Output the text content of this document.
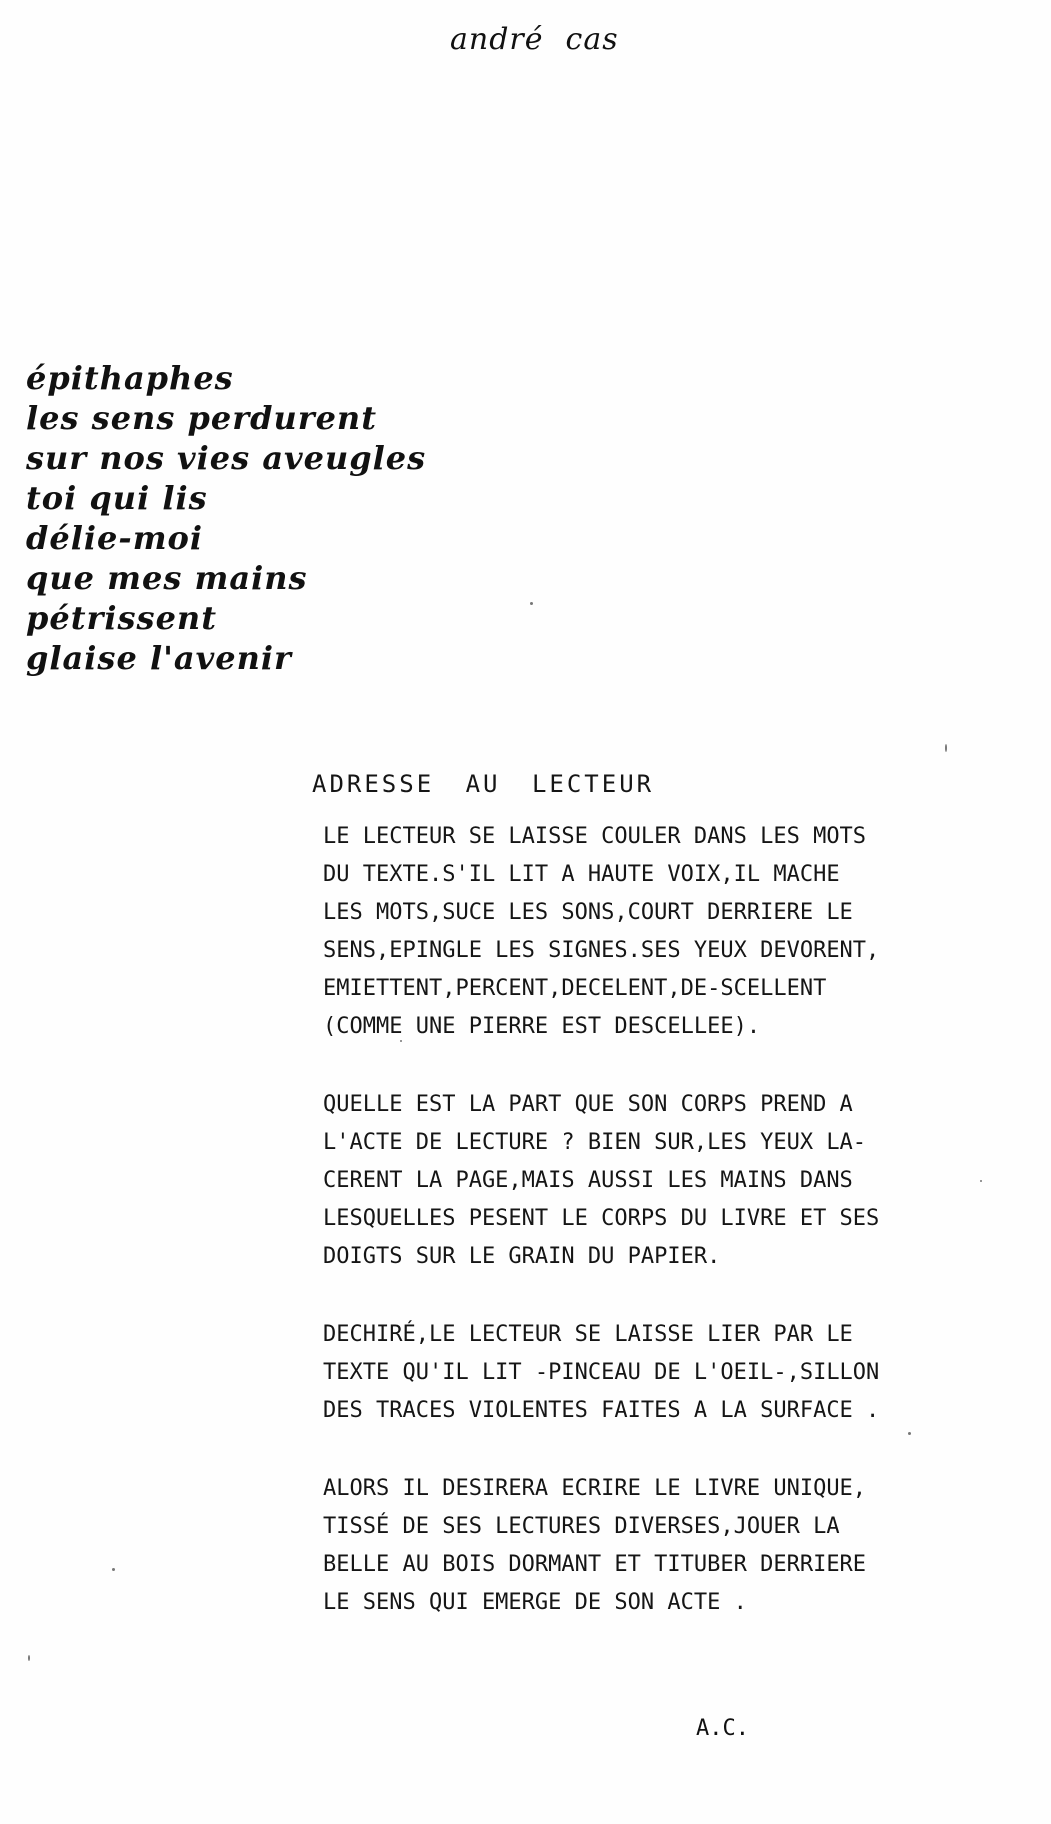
andré cas
épithaphes
les sens perdurent
sur nos vies aveugles
toi qui lis
délie-moi
que mes mains
pétrissent
glaise l'avenir
ADRESSE AU LECTEUR
LE LECTEUR SE LAISSE COULER DANS LES MOTS
DU TEXTE.S'IL LIT A HAUTE VOIX,IL MACHE
LES MOTS,SUCE LES SONS,COURT DERRIERE LE
SENS,EPINGLE LES SIGNES.SES YEUX DEVORENT,
EMIETTENT,PERCENT,DECELENT,DE-SCELLENT
(COMME UNE PIERRE EST DESCELLEE).
QUELLE EST LA PART QUE SON CORPS PREND A
L'ACTE DE LECTURE ? BIEN SUR,LES YEUX LA-
CERENT LA PAGE,MAIS AUSSI LES MAINS DANS
LESQUELLES PESENT LE CORPS DU LIVRE ET SES
DOIGTS SUR LE GRAIN DU PAPIER.
DECHIRÉ,LE LECTEUR SE LAISSE LIER PAR LE
TEXTE QU'IL LIT -PINCEAU DE L'OEIL-,SILLON
DES TRACES VIOLENTES FAITES A LA SURFACE .
ALORS IL DESIRERA ECRIRE LE LIVRE UNIQUE,
TISSÉ DE SES LECTURES DIVERSES,JOUER LA
BELLE AU BOIS DORMANT ET TITUBER DERRIERE
LE SENS QUI EMERGE DE SON ACTE .
A.C.
